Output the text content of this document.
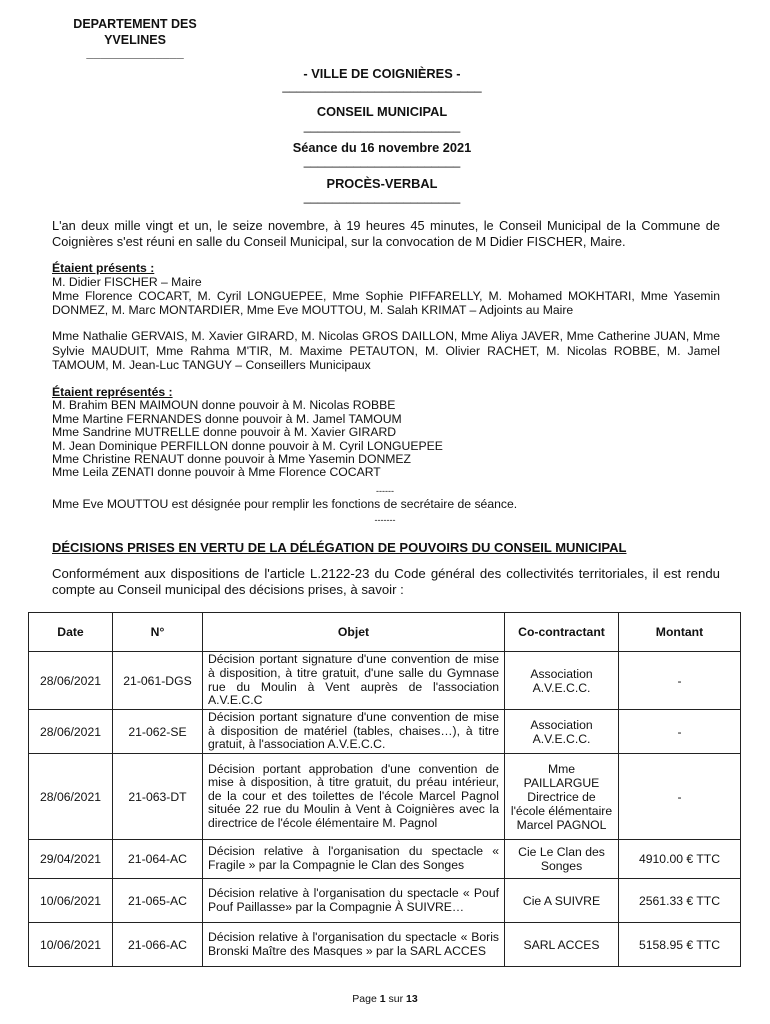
DEPARTEMENT DES
YVELINES
______________
- VILLE DE COIGNIÈRES -
____________________________
CONSEIL MUNICIPAL
______________________
Séance du 16 novembre 2021
______________________
PROCÈS-VERBAL
______________________
L'an deux mille vingt et un, le seize novembre, à 19 heures 45 minutes, le Conseil Municipal de la Commune de Coignières s'est réuni en salle du Conseil Municipal, sur la convocation de M Didier FISCHER, Maire.
Étaient présents :
M. Didier FISCHER – Maire
Mme Florence COCART, M. Cyril LONGUEPEE, Mme Sophie PIFFARELLY, M. Mohamed MOKHTARI, Mme Yasemin DONMEZ, M. Marc MONTARDIER, Mme Eve MOUTTOU, M. Salah KRIMAT – Adjoints au Maire
Mme Nathalie GERVAIS, M. Xavier GIRARD, M. Nicolas GROS DAILLON, Mme Aliya JAVER, Mme Catherine JUAN, Mme Sylvie MAUDUIT, Mme Rahma M'TIR, M. Maxime PETAUTON, M. Olivier RACHET, M. Nicolas ROBBE, M. Jamel TAMOUM, M. Jean-Luc TANGUY – Conseillers Municipaux
Étaient représentés :
M. Brahim BEN MAIMOUN donne pouvoir à M. Nicolas ROBBE
Mme Martine FERNANDES donne pouvoir à M. Jamel TAMOUM
Mme Sandrine MUTRELLE donne pouvoir à M. Xavier GIRARD
M. Jean Dominique PERFILLON donne pouvoir à M. Cyril LONGUEPEE
Mme Christine RENAUT donne pouvoir à Mme Yasemin DONMEZ
Mme Leila ZENATI donne pouvoir à Mme Florence COCART
------
Mme Eve MOUTTOU est désignée pour remplir les fonctions de secrétaire de séance.
-------
DÉCISIONS PRISES EN VERTU DE LA DÉLÉGATION DE POUVOIRS DU CONSEIL MUNICIPAL
Conformément aux dispositions de l'article L.2122-23 du Code général des collectivités territoriales, il est rendu compte au Conseil municipal des décisions prises, à savoir :
Date	N°	Objet	Co-contractant	Montant
28/06/2021	21-061-DGS	Décision portant signature d'une convention de mise à disposition, à titre gratuit, d'une salle du Gymnase rue du Moulin à Vent auprès de l'association A.V.E.C.C	Association A.V.E.C.C.	-
28/06/2021	21-062-SE	Décision portant signature d'une convention de mise à disposition de matériel (tables, chaises…), à titre gratuit, à l'association A.V.E.C.C.	Association A.V.E.C.C.	-
28/06/2021	21-063-DT	Décision portant approbation d'une convention de mise à disposition, à titre gratuit, du préau intérieur, de la cour et des toilettes de l'école Marcel Pagnol située 22 rue du Moulin à Vent à Coignières avec la directrice de l'école élémentaire M. Pagnol	Mme PAILLARGUE Directrice de l'école élémentaire Marcel PAGNOL	-
29/04/2021	21-064-AC	Décision relative à l'organisation du spectacle « Fragile » par la Compagnie le Clan des Songes	Cie Le Clan des Songes	4910.00 € TTC
10/06/2021	21-065-AC	Décision relative à l'organisation du spectacle « Pouf Pouf Paillasse» par la Compagnie À SUIVRE…	Cie A SUIVRE	2561.33 € TTC
10/06/2021	21-066-AC	Décision relative à l'organisation du spectacle « Boris Bronski Maître des Masques » par la SARL ACCES	SARL ACCES	5158.95 € TTC
Page 1 sur 13
